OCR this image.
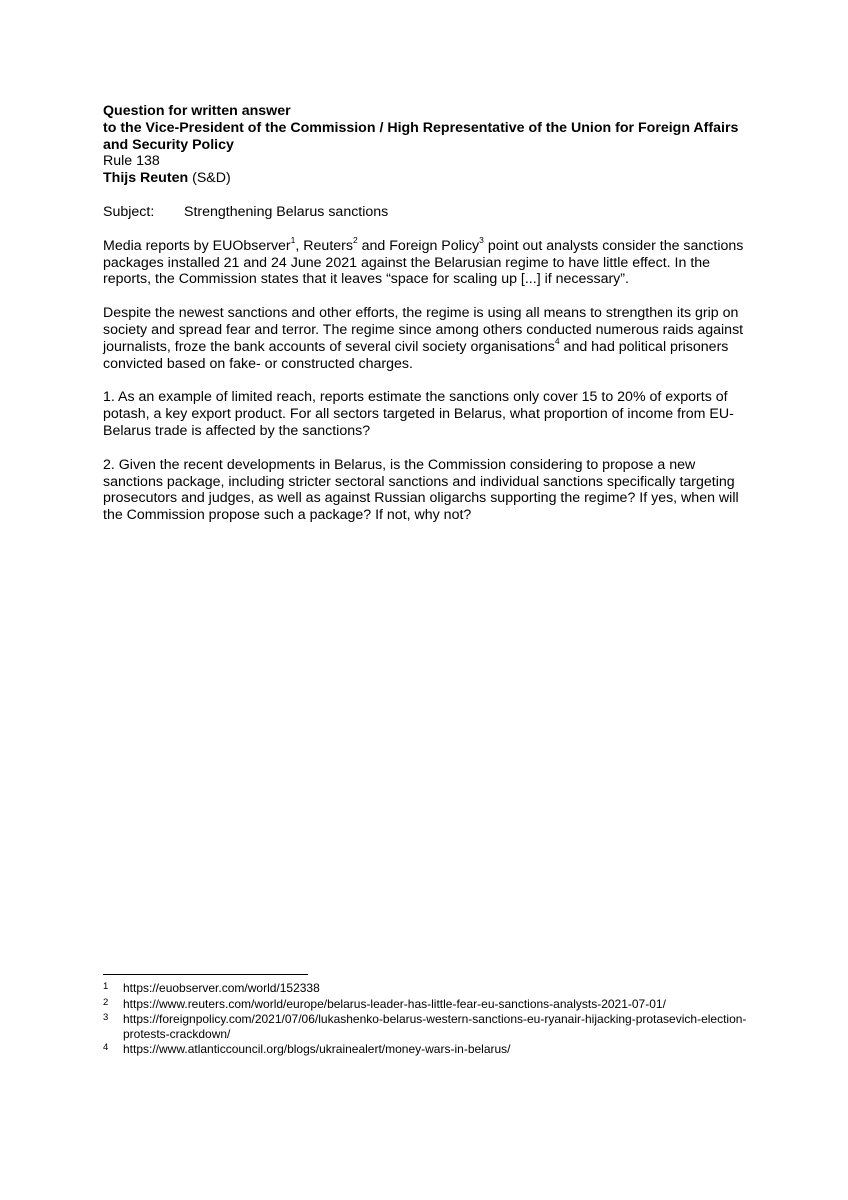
Question for written answer
to the Vice-President of the Commission / High Representative of the Union for Foreign Affairs and Security Policy
Rule 138
Thijs Reuten (S&D)
Subject:	Strengthening Belarus sanctions

Media reports by EUObserver$^1$, Reuters$^2$ and Foreign Policy$^3$ point out analysts consider the sanctions packages installed 21 and 24 June 2021 against the Belarusian regime to have little effect. In the reports, the Commission states that it leaves “space for scaling up [...] if necessary”.

Despite the newest sanctions and other efforts, the regime is using all means to strengthen its grip on society and spread fear and terror. The regime since among others conducted numerous raids against journalists, froze the bank accounts of several civil society organisations$^4$ and had political prisoners convicted based on fake- or constructed charges.

1. As an example of limited reach, reports estimate the sanctions only cover 15 to 20% of exports of potash, a key export product. For all sectors targeted in Belarus, what proportion of income from EU-Belarus trade is affected by the sanctions?

2. Given the recent developments in Belarus, is the Commission considering to propose a new sanctions package, including stricter sectoral sanctions and individual sanctions specifically targeting prosecutors and judges, as well as against Russian oligarchs supporting the regime? If yes, when will the Commission propose such a package? If not, why not?

1	https://euobserver.com/world/152338
2	https://www.reuters.com/world/europe/belarus-leader-has-little-fear-eu-sanctions-analysts-2021-07-01/
3	https://foreignpolicy.com/2021/07/06/lukashenko-belarus-western-sanctions-eu-ryanair-hijacking-protasevich-election-protests-crackdown/
4	https://www.atlanticcouncil.org/blogs/ukrainealert/money-wars-in-belarus/
